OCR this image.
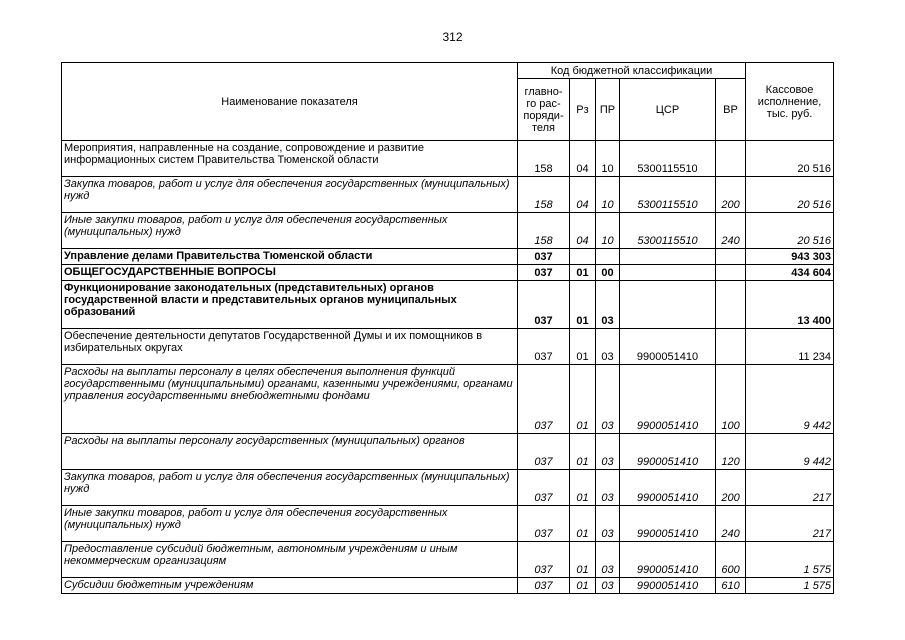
312
Наименование показателя	Код бюджетной классификации					Кассовое
исполнение,
тыс. руб.
	главно-
го рас-
поряди-
теля	Рз	ПР	ЦСР	ВР	
Мероприятия, направленные на создание, сопровождение и развитие информационных систем Правительства Тюменской области	158	04	10	5300115510		20 516
Закупка товаров, работ и услуг для обеспечения государственных (муниципальных) нужд	158	04	10	5300115510	200	20 516
Иные закупки товаров, работ и услуг для обеспечения государственных (муниципальных) нужд	158	04	10	5300115510	240	20 516
Управление делами Правительства Тюменской области	037					943 303
ОБЩЕГОСУДАРСТВЕННЫЕ ВОПРОСЫ	037	01	00			434 604
Функционирование законодательных (представительных) органов государственной власти и представительных органов муниципальных образований	037	01	03			13 400
Обеспечение деятельности депутатов Государственной Думы и их помощников в избирательных округах	037	01	03	9900051410		11 234
Расходы на выплаты персоналу в целях обеспечения выполнения функций государственными (муниципальными) органами, казенными учреждениями, органами управления государственными внебюджетными фондами	037	01	03	9900051410	100	9 442
Расходы на выплаты персоналу государственных (муниципальных) органов	037	01	03	9900051410	120	9 442
Закупка товаров, работ и услуг для обеспечения государственных (муниципальных) нужд	037	01	03	9900051410	200	217
Иные закупки товаров, работ и услуг для обеспечения государственных (муниципальных) нужд	037	01	03	9900051410	240	217
Предоставление субсидий бюджетным, автономным учреждениям и иным некоммерческим организациям	037	01	03	9900051410	600	1 575
Субсидии бюджетным учреждениям	037	01	03	9900051410	610	1 575
